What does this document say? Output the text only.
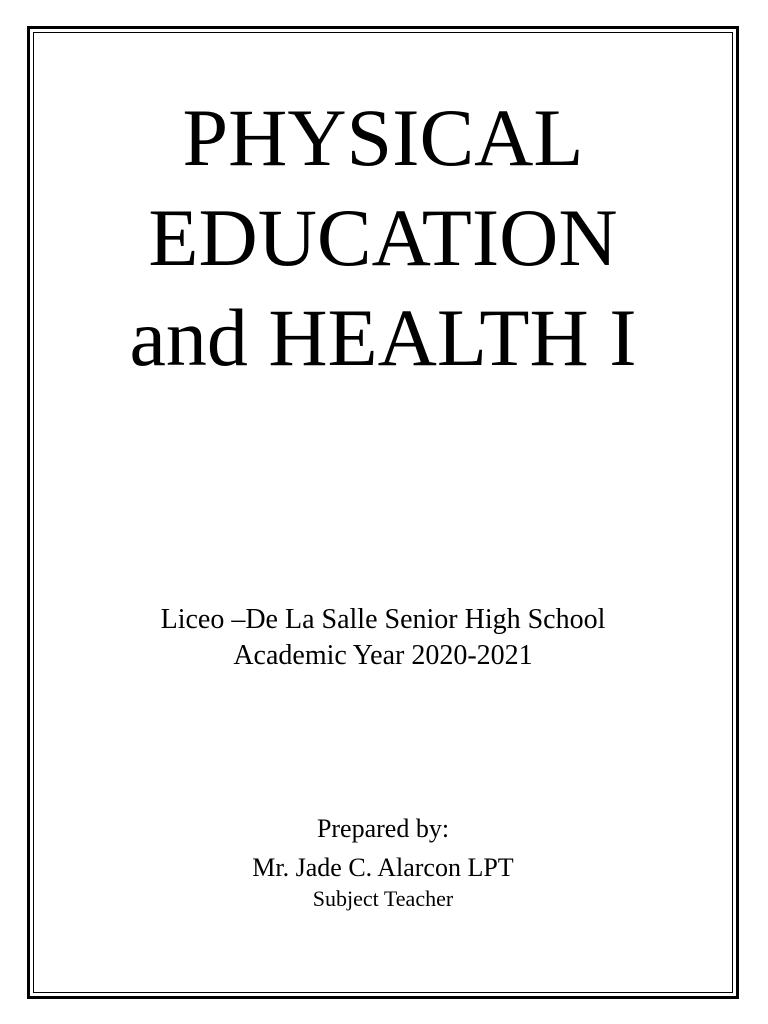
PHYSICAL
EDUCATION
and HEALTH I
Liceo –De La Salle Senior High School
Academic Year 2020-2021
Prepared by:
Mr. Jade C. Alarcon LPT
Subject Teacher
